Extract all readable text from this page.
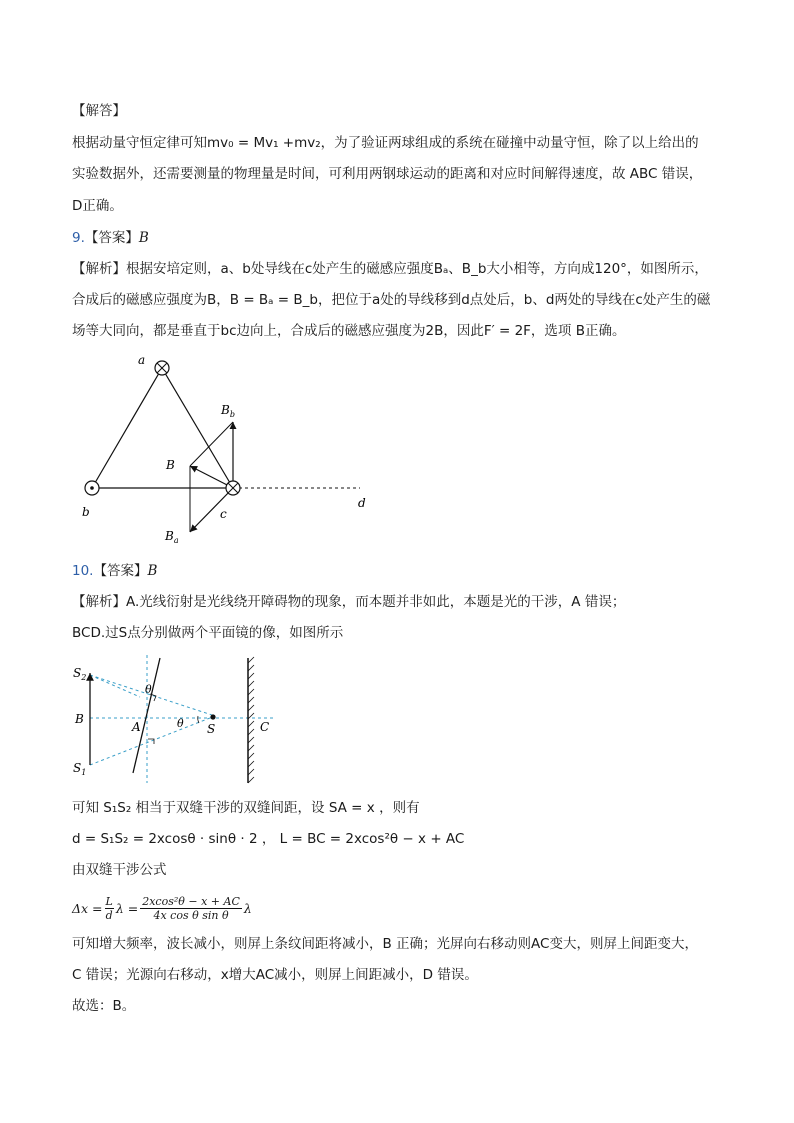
【解答】
根据动量守恒定律可知mv₀ = Mv₁ +mv₂，为了验证两球组成的系统在碰撞中动量守恒，除了以上给出的
实验数据外，还需要测量的物理量是时间，可利用两钢球运动的距离和对应时间解得速度，故 ABC 错误，
D正确。
9.【答案】B
【解析】根据安培定则，a、b处导线在c处产生的磁感应强度Bₐ、B_b大小相等，方向成120°，如图所示，
合成后的磁感应强度为B，B = Bₐ = B_b，把位于a处的导线移到d点处后，b、d两处的导线在c处产生的磁
场等大同向，都是垂直于bc边向上，合成后的磁感应强度为2B，因此F′ = 2F，选项 B正确。
a
b	c
d
B
$B_b$
$B_a$
10.【答案】B
【解析】A.光线衍射是光线绕开障碍物的现象，而本题并非如此，本题是光的干涉，A 错误；
BCD.过S点分别做两个平面镜的像，如图所示
$S_2$
B
$S_1$
A	S	C
θ
θ
可知 S₁S₂ 相当于双缝干涉的双缝间距，设 SA = x ，则有
d = S₁S₂ = 2xcosθ · sinθ · 2 ， L = BC = 2xcos²θ − x + AC
由双缝干涉公式
$\Delta x = \frac{L}{d}$ $\lambda = \frac{\text{2xcos²θ − x + AC}}{\text{4x cos θ sin θ}}$ λ
可知增大频率，波长减小，则屏上条纹间距将减小，B 正确；光屏向右移动则AC变大，则屏上间距变大，
C 错误；光源向右移动，x增大AC减小，则屏上间距减小，D 错误。
故选：B。
